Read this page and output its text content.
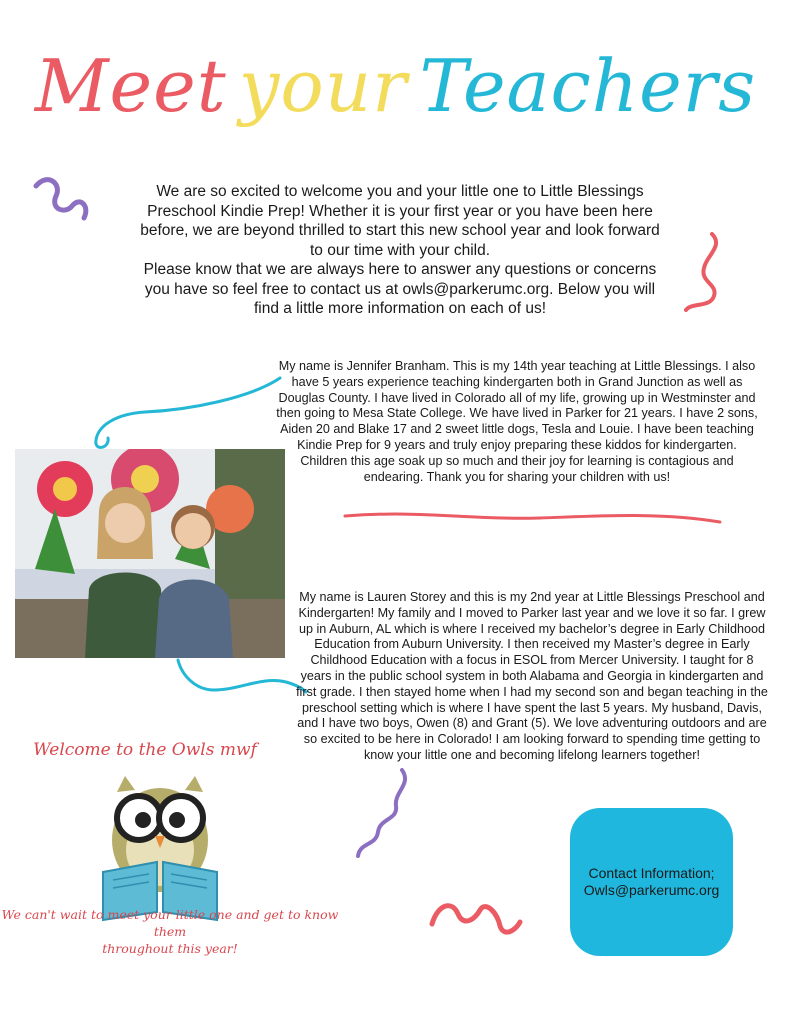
Meet your Teachers

We are so excited to welcome you and your little one to Little Blessings Preschool Kindie Prep! Whether it is your first year or you have been here before, we are beyond thrilled to start this new school year and look forward to our time with your child.

Please know that we are always here to answer any questions or concerns you have so feel free to contact us at owls@parkerumc.org. Below you will find a little more information on each of us!

My name is Jennifer Branham. This is my 14th year teaching at Little Blessings. I also have 5 years experience teaching kindergarten both in Grand Junction as well as Douglas County. I have lived in Colorado all of my life, growing up in Westminster and then going to Mesa State College. We have lived in Parker for 21 years. I have 2 sons, Aiden 20 and Blake 17 and 2 sweet little dogs, Tesla and Louie. I have been teaching Kindie Prep for 9 years and truly enjoy preparing these kiddos for kindergarten. Children this age soak up so much and their joy for learning is contagious and endearing. Thank you for sharing your children with us!
My name is Lauren Storey and this is my 2nd year at Little Blessings Preschool and Kindergarten! My family and I moved to Parker last year and we love it so far. I grew up in Auburn, AL which is where I received my bachelor’s degree in Early Childhood Education from Auburn University. I then received my Master’s degree in Early Childhood Education with a focus in ESOL from Mercer University. I taught for 8 years in the public school system in both Alabama and Georgia in kindergarten and first grade. I then stayed home when I had my second son and began teaching in the preschool setting which is where I have spent the last 5 years. My husband, Davis, and I have two boys, Owen (8) and Grant (5). We love adventuring outdoors and are so excited to be here in Colorado! I am looking forward to spending time getting to know your little one and becoming lifelong learners together!
Welcome to the Owls mwf
We can't wait to meet your little one and get to know them
throughout this year!
Contact Information;
Owls@parkerumc.org
